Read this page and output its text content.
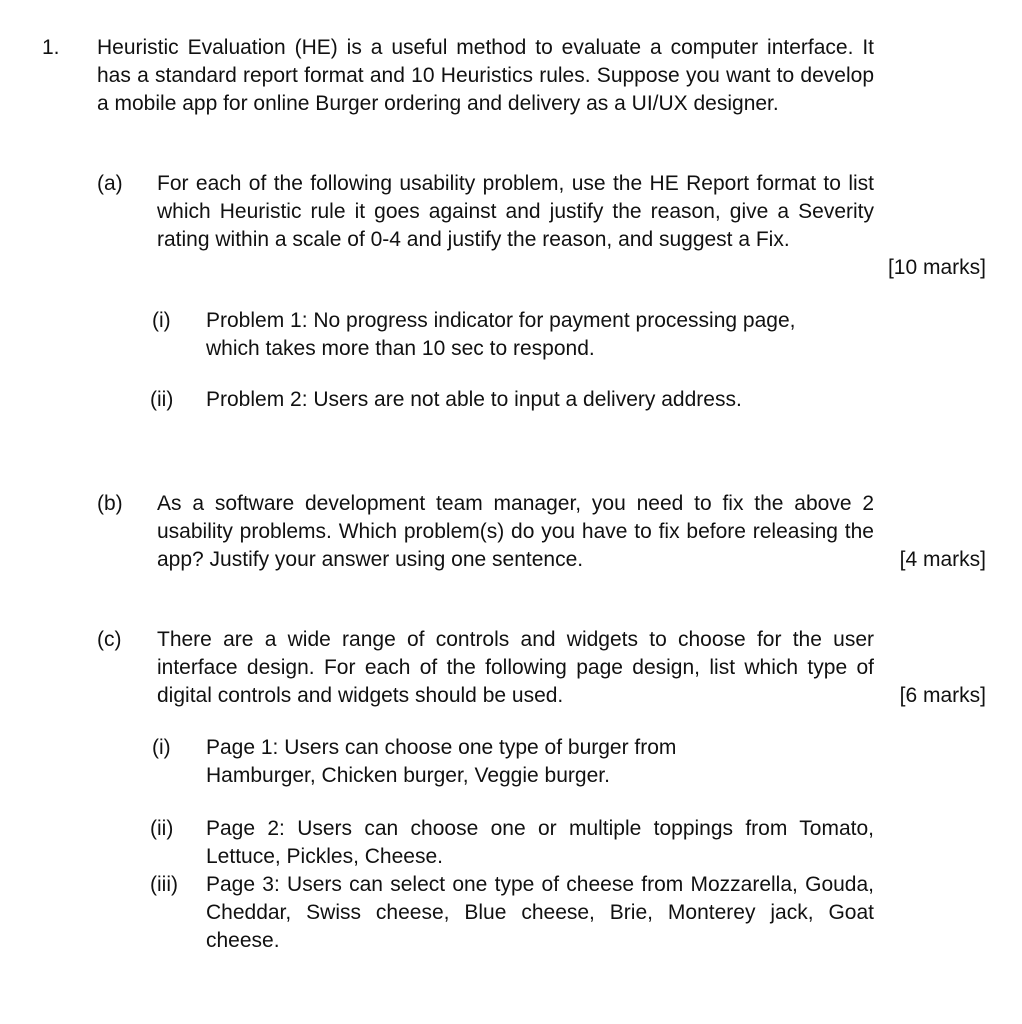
1. Heuristic Evaluation (HE) is a useful method to evaluate a computer interface. It has a standard report format and 10 Heuristics rules. Suppose you want to develop a mobile app for online Burger ordering and delivery as a UI/UX designer.
(a) For each of the following usability problem, use the HE Report format to list which Heuristic rule it goes against and justify the reason, give a Severity rating within a scale of 0-4 and justify the reason, and suggest a Fix.
[10 marks]
(i) Problem 1: No progress indicator for payment processing page, which takes more than 10 sec to respond.
(ii) Problem 2: Users are not able to input a delivery address.
(b) As a software development team manager, you need to fix the above 2 usability problems. Which problem(s) do you have to fix before releasing the app? Justify your answer using one sentence.	[4 marks]
(c) There are a wide range of controls and widgets to choose for the user interface design. For each of the following page design, list which type of digital controls and widgets should be used.	[6 marks]
(i) Page 1: Users can choose one type of burger from Hamburger, Chicken burger, Veggie burger.
(ii) Page 2: Users can choose one or multiple toppings from Tomato, Lettuce, Pickles, Cheese.
(iii) Page 3: Users can select one type of cheese from Mozzarella, Gouda, Cheddar, Swiss cheese, Blue cheese, Brie, Monterey jack, Goat cheese.
